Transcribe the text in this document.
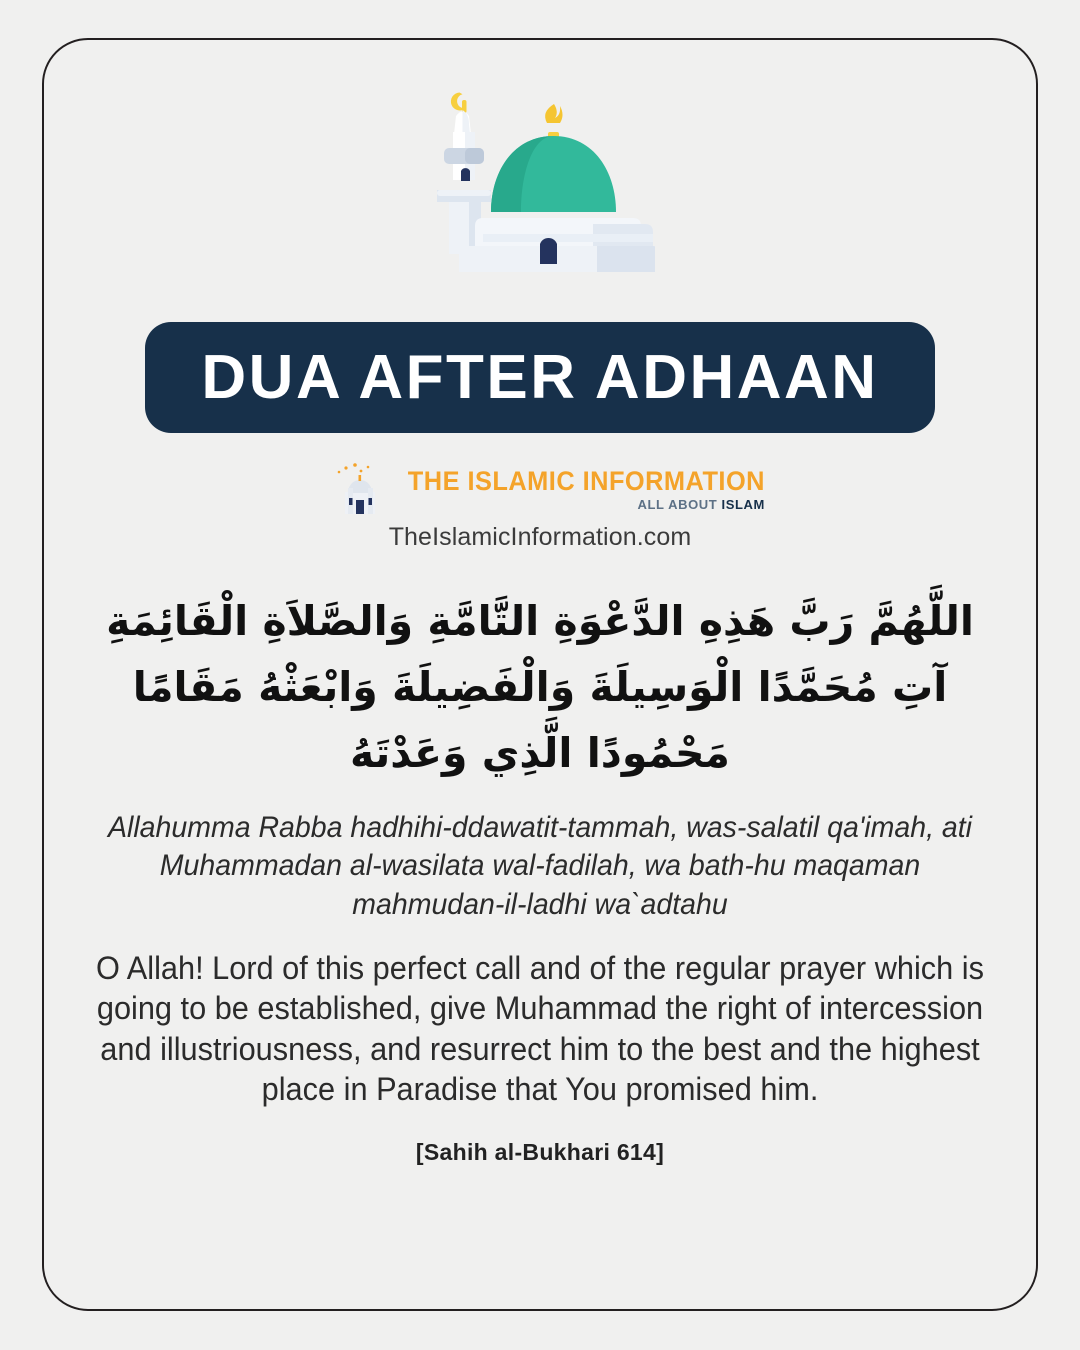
DUA AFTER ADHAAN
THE ISLAMIC INFORMATION
ALL ABOUT ISLAM
TheIslamicInformation.com
اللَّهُمَّ رَبَّ هَذِهِ الدَّعْوَةِ التَّامَّةِ وَالصَّلاَةِ الْقَائِمَةِ
آتِ مُحَمَّدًا الْوَسِيلَةَ وَالْفَضِيلَةَ وَابْعَثْهُ مَقَامًا
مَحْمُودًا الَّذِي وَعَدْتَهُ
Allahumma Rabba hadhihi-ddawatit-tammah, was-salatil qa'imah, ati Muhammadan al-wasilata wal-fadilah, wa bath-hu maqaman mahmudan-il-ladhi wa`adtahu
O Allah! Lord of this perfect call and of the regular prayer which is going to be established, give Muhammad the right of intercession and illustriousness, and resurrect him to the best and the highest place in Paradise that You promised him.
[Sahih al-Bukhari 614]
